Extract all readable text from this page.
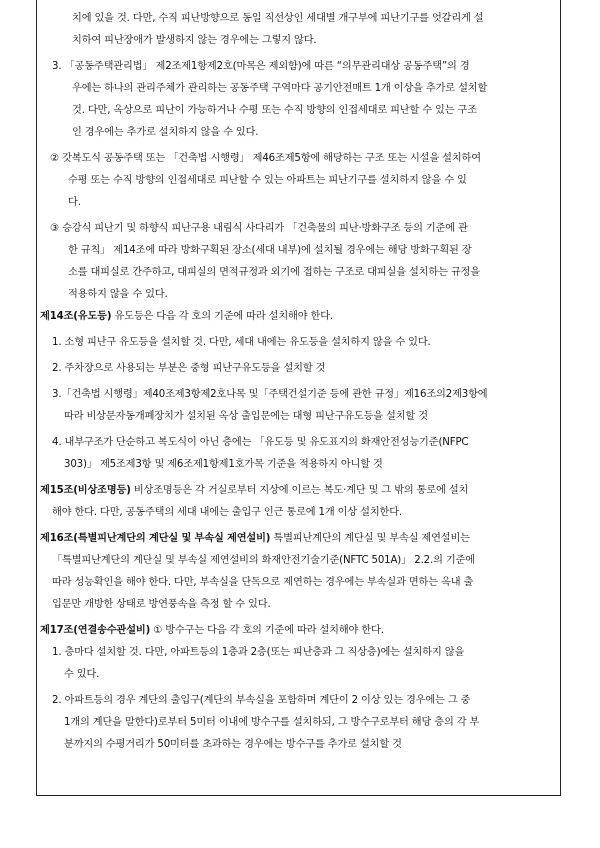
치에 있을 것. 다만, 수직 피난방향으로 동일 직선상인 세대별 개구부에 피난기구를 엇갈리게 설
치하여 피난장애가 발생하지 않는 경우에는 그렇지 않다.
3. 「공동주택관리법」 제2조제1항제2호(마목은 제외함)에 따른 “의무관리대상 공동주택”의 경
우에는 하나의 관리주체가 관리하는 공동주택 구역마다 공기안전매트 1개 이상을 추가로 설치할
것. 다만, 옥상으로 피난이 가능하거나 수평 또는 수직 방향의 인접세대로 피난할 수 있는 구조
인 경우에는 추가로 설치하지 않을 수 있다.
② 갓복도식 공동주택 또는 「건축법 시행령」 제46조제5항에 해당하는 구조 또는 시설을 설치하여
수평 또는 수직 방향의 인접세대로 피난할 수 있는 아파트는 피난기구를 설치하지 않을 수 있
다.
③ 승강식 피난기 및 하향식 피난구용 내림식 사다리가 「건축물의 피난·방화구조 등의 기준에 관
한 규칙」 제14조에 따라 방화구획된 장소(세대 내부)에 설치될 경우에는 해당 방화구획된 장
소를 대피실로 간주하고, 대피실의 면적규정과 외기에 접하는 구조로 대피실을 설치하는 규정을
적용하지 않을 수 있다.
제14조(유도등) 유도등은 다음 각 호의 기준에 따라 설치해야 한다.
1. 소형 피난구 유도등을 설치할 것. 다만, 세대 내에는 유도등을 설치하지 않을 수 있다.
2. 주차장으로 사용되는 부분은 중형 피난구유도등을 설치할 것
3.「건축법 시행령」제40조제3항제2호나목 및「주택건설기준 등에 관한 규정」제16조의2제3항에
따라 비상문자동개폐장치가 설치된 옥상 출입문에는 대형 피난구유도등을 설치할 것
4. 내부구조가 단순하고 복도식이 아닌 층에는 「유도등 및 유도표지의 화재안전성능기준(NFPC
303)」 제5조제3항 및 제6조제1항제1호가목 기준을 적용하지 아니할 것
제15조(비상조명등) 비상조명등은 각 거실로부터 지상에 이르는 복도·계단 및 그 밖의 통로에 설치
해야 한다. 다만, 공동주택의 세대 내에는 출입구 인근 통로에 1개 이상 설치한다.
제16조(특별피난계단의 계단실 및 부속실 제연설비) 특별피난계단의 계단실 및 부속실 제연설비는
「특별피난계단의 계단실 및 부속실 제연설비의 화재안전기술기준(NFTC 501A)」 2.2.의 기준에
따라 성능확인을 해야 한다. 다만, 부속실을 단독으로 제연하는 경우에는 부속실과 면하는 옥내 출
입문만 개방한 상태로 방연풍속을 측정 할 수 있다.
제17조(연결송수관설비) ① 방수구는 다음 각 호의 기준에 따라 설치해야 한다.
1. 층마다 설치할 것. 다만, 아파트등의 1층과 2층(또는 피난층과 그 직상층)에는 설치하지 않을
수 있다.
2. 아파트등의 경우 계단의 출입구(계단의 부속실을 포함하며 계단이 2 이상 있는 경우에는 그 중
1개의 계단을 말한다)로부터 5미터 이내에 방수구를 설치하되, 그 방수구로부터 해당 층의 각 부
분까지의 수평거리가 50미터를 초과하는 경우에는 방수구를 추가로 설치할 것
